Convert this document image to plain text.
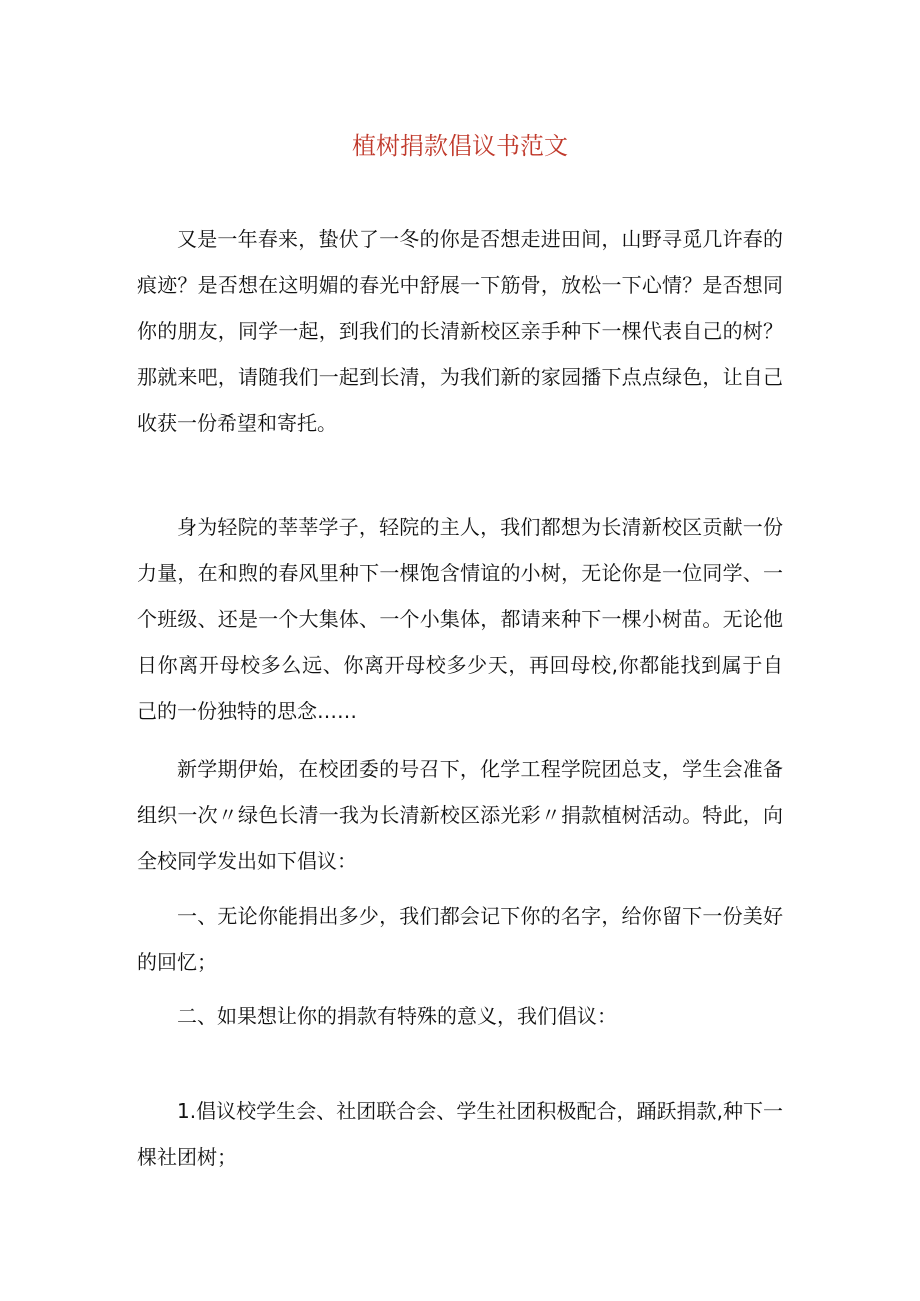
植树捐款倡议书范文

又是一年春来，蛰伏了一冬的你是否想走进田间，山野寻觅几许春的痕迹？是否想在这明媚的春光中舒展一下筋骨，放松一下心情？是否想同你的朋友，同学一起，到我们的长清新校区亲手种下一棵代表自己的树？那就来吧，请随我们一起到长清，为我们新的家园播下点点绿色，让自己收获一份希望和寄托。

身为轻院的莘莘学子，轻院的主人，我们都想为长清新校区贡献一份力量，在和煦的春风里种下一棵饱含情谊的小树，无论你是一位同学、一个班级、还是一个大集体、一个小集体，都请来种下一棵小树苗。无论他日你离开母校多么远、你离开母校多少天，再回母校,你都能找到属于自己的一份独特的思念……

新学期伊始，在校团委的号召下，化学工程学院团总支，学生会准备组织一次〃绿色长清一我为长清新校区添光彩〃捐款植树活动。特此，向全校同学发出如下倡议：

一、无论你能捐出多少，我们都会记下你的名字，给你留下一份美好的回忆；

二、如果想让你的捐款有特殊的意义，我们倡议：

1.倡议校学生会、社团联合会、学生社团积极配合，踊跃捐款,种下一棵社团树；
